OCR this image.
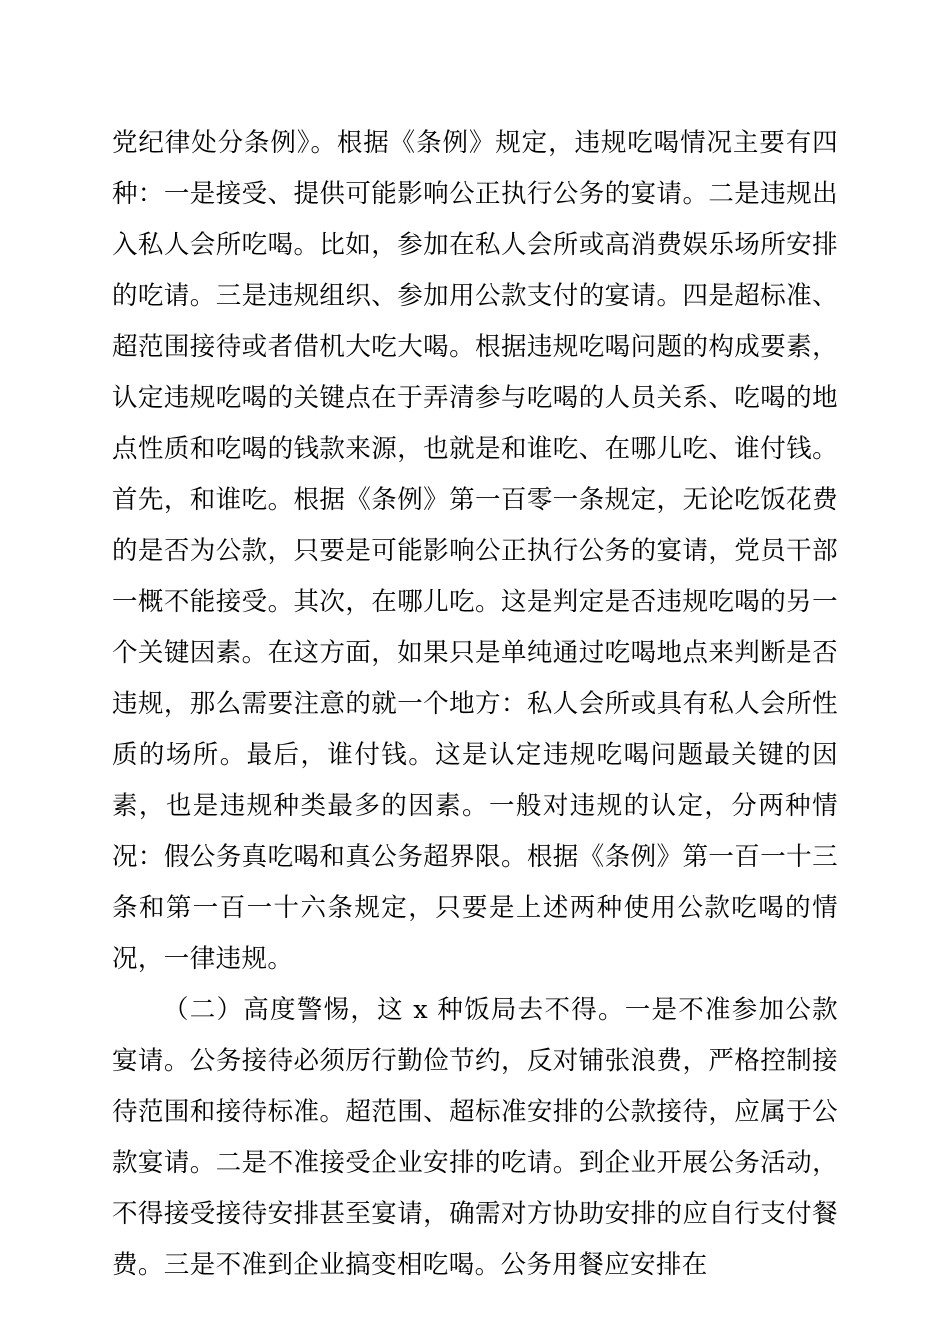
党纪律处分条例》。根据《条例》规定，违规吃喝情况主要有四种：一是接受、提供可能影响公正执行公务的宴请。二是违规出入私人会所吃喝。比如，参加在私人会所或高消费娱乐场所安排的吃请。三是违规组织、参加用公款支付的宴请。四是超标准、超范围接待或者借机大吃大喝。根据违规吃喝问题的构成要素，认定违规吃喝的关键点在于弄清参与吃喝的人员关系、吃喝的地点性质和吃喝的钱款来源，也就是和谁吃、在哪儿吃、谁付钱。首先，和谁吃。根据《条例》第一百零一条规定，无论吃饭花费的是否为公款，只要是可能影响公正执行公务的宴请，党员干部一概不能接受。其次，在哪儿吃。这是判定是否违规吃喝的另一个关键因素。在这方面，如果只是单纯通过吃喝地点来判断是否违规，那么需要注意的就一个地方：私人会所或具有私人会所性质的场所。最后，谁付钱。这是认定违规吃喝问题最关键的因素，也是违规种类最多的因素。一般对违规的认定，分两种情况：假公务真吃喝和真公务超界限。根据《条例》第一百一十三条和第一百一十六条规定，只要是上述两种使用公款吃喝的情况，一律违规。

（二）高度警惕，这 x 种饭局去不得。一是不准参加公款宴请。公务接待必须厉行勤俭节约，反对铺张浪费，严格控制接待范围和接待标准。超范围、超标准安排的公款接待，应属于公款宴请。二是不准接受企业安排的吃请。到企业开展公务活动，不得接受接待安排甚至宴请，确需对方协助安排的应自行支付餐费。三是不准到企业搞变相吃喝。公务用餐应安排在
